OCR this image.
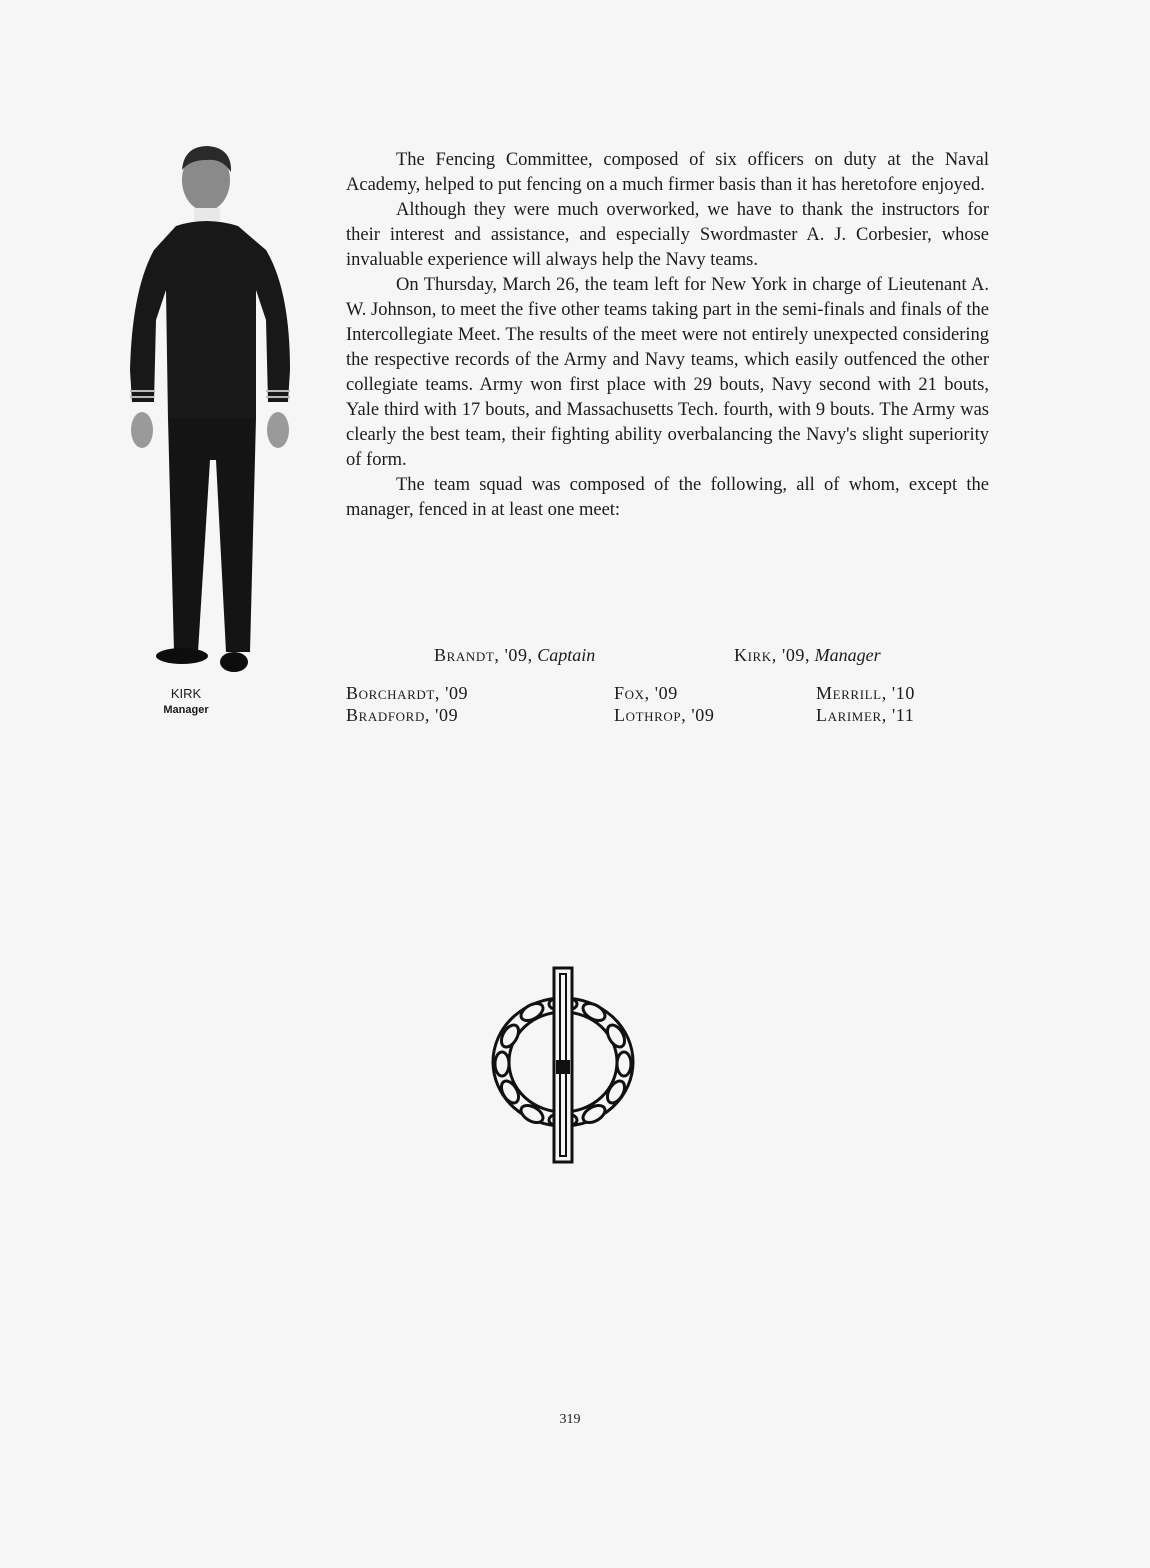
KIRK
Manager

The Fencing Committee, composed of six officers on duty at the Naval Academy, helped to put fencing on a much firmer basis than it has heretofore enjoyed.

Although they were much overworked, we have to thank the instructors for their interest and assistance, and especially Swordmaster A. J. Corbesier, whose invaluable experience will always help the Navy teams.

On Thursday, March 26, the team left for New York in charge of Lieutenant A. W. Johnson, to meet the five other teams taking part in the semi-finals and finals of the Intercollegiate Meet. The results of the meet were not entirely unexpected considering the respective records of the Army and Navy teams, which easily outfenced the other collegiate teams. Army won first place with 29 bouts, Navy second with 21 bouts, Yale third with 17 bouts, and Massachusetts Tech. fourth, with 9 bouts. The Army was clearly the best team, their fighting ability overbalancing the Navy's slight superiority of form.

The team squad was composed of the following, all of whom, except the manager, fenced in at least one meet:

Brandt, '09, Captain	Kirk, '09, Manager
Borchardt, '09
Bradford, '09
Fox, '09
Lothrop, '09
Merrill, '10
Larimer, '11
319
